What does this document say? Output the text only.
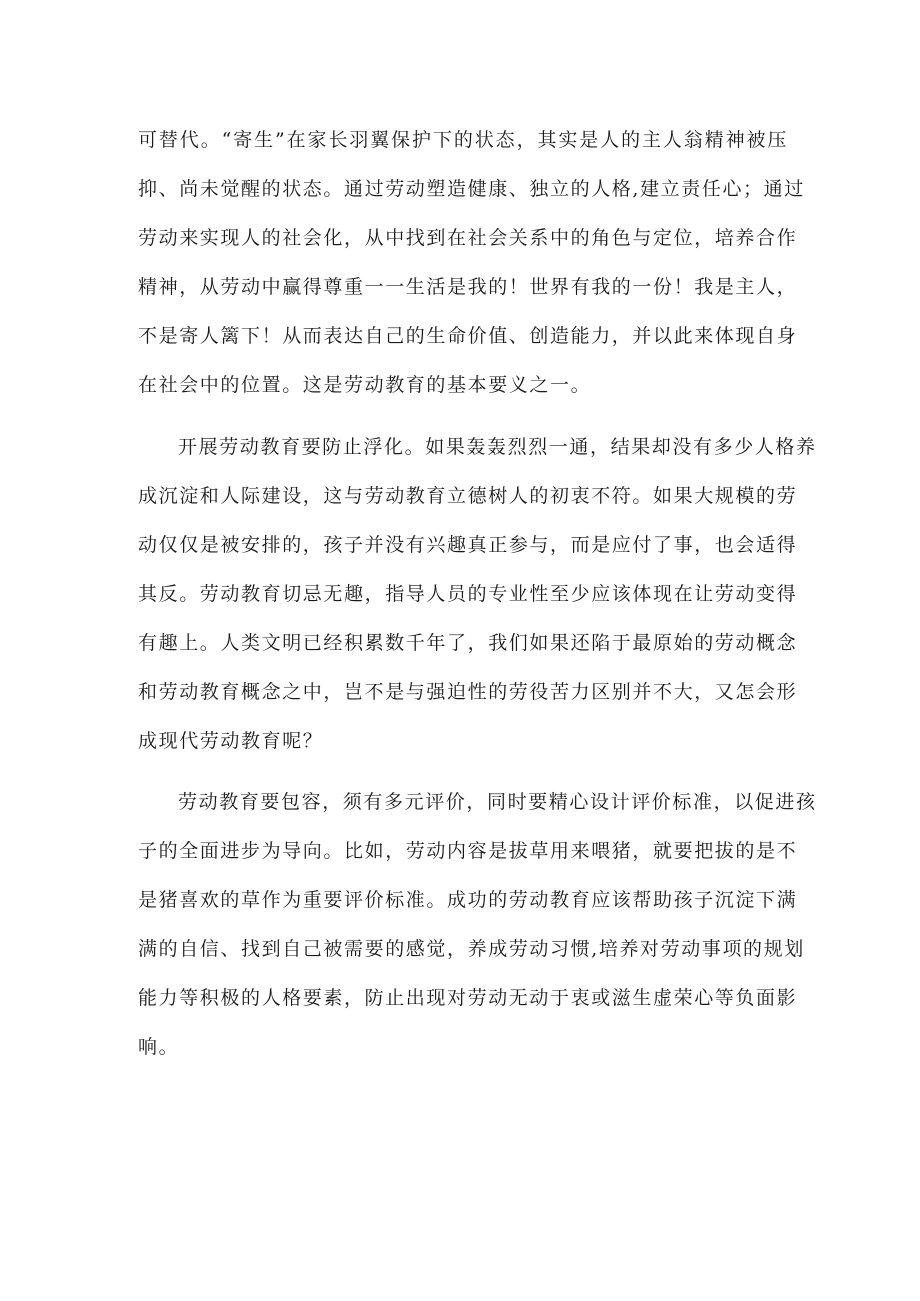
可替代。“寄生”在家长羽翼保护下的状态，其实是人的主人翁精神被压
抑、尚未觉醒的状态。通过劳动塑造健康、独立的人格,建立责任心；通过
劳动来实现人的社会化，从中找到在社会关系中的角色与定位，培养合作
精神，从劳动中赢得尊重一一生活是我的！世界有我的一份！我是主人，
不是寄人篱下！从而表达自己的生命价值、创造能力，并以此来体现自身
在社会中的位置。这是劳动教育的基本要义之一。
开展劳动教育要防止浮化。如果轰轰烈烈一通，结果却没有多少人格养
成沉淀和人际建设，这与劳动教育立德树人的初衷不符。如果大规模的劳
动仅仅是被安排的，孩子并没有兴趣真正参与，而是应付了事，也会适得
其反。劳动教育切忌无趣，指导人员的专业性至少应该体现在让劳动变得
有趣上。人类文明已经积累数千年了，我们如果还陷于最原始的劳动概念
和劳动教育概念之中，岂不是与强迫性的劳役苦力区别并不大，又怎会形
成现代劳动教育呢？
劳动教育要包容，须有多元评价，同时要精心设计评价标准，以促进孩
子的全面进步为导向。比如，劳动内容是拔草用来喂猪，就要把拔的是不
是猪喜欢的草作为重要评价标准。成功的劳动教育应该帮助孩子沉淀下满
满的自信、找到自己被需要的感觉，养成劳动习惯,培养对劳动事项的规划
能力等积极的人格要素，防止出现对劳动无动于衷或滋生虚荣心等负面影
响。
